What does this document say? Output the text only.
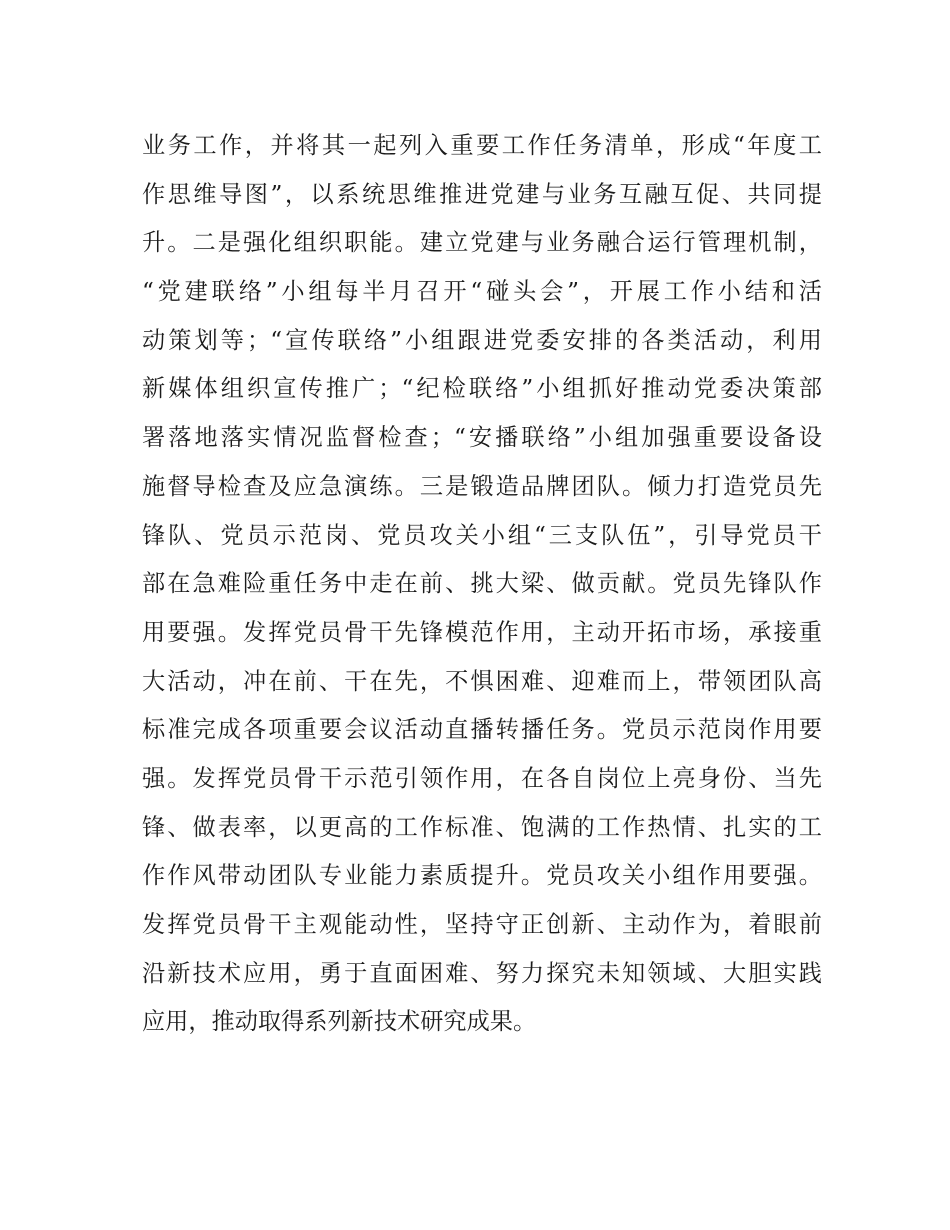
业务工作，并将其一起列入重要工作任务清单，形成“年度工
作思维导图”，以系统思维推进党建与业务互融互促、共同提
升。二是强化组织职能。建立党建与业务融合运行管理机制，
“党建联络”小组每半月召开“碰头会”，开展工作小结和活
动策划等；“宣传联络”小组跟进党委安排的各类活动，利用
新媒体组织宣传推广；“纪检联络”小组抓好推动党委决策部
署落地落实情况监督检查；“安播联络”小组加强重要设备设
施督导检查及应急演练。三是锻造品牌团队。倾力打造党员先
锋队、党员示范岗、党员攻关小组“三支队伍”，引导党员干
部在急难险重任务中走在前、挑大梁、做贡献。党员先锋队作
用要强。发挥党员骨干先锋模范作用，主动开拓市场，承接重
大活动，冲在前、干在先，不惧困难、迎难而上，带领团队高
标准完成各项重要会议活动直播转播任务。党员示范岗作用要
强。发挥党员骨干示范引领作用，在各自岗位上亮身份、当先
锋、做表率，以更高的工作标准、饱满的工作热情、扎实的工
作作风带动团队专业能力素质提升。党员攻关小组作用要强。
发挥党员骨干主观能动性，坚持守正创新、主动作为，着眼前
沿新技术应用，勇于直面困难、努力探究未知领域、大胆实践
应用，推动取得系列新技术研究成果。
